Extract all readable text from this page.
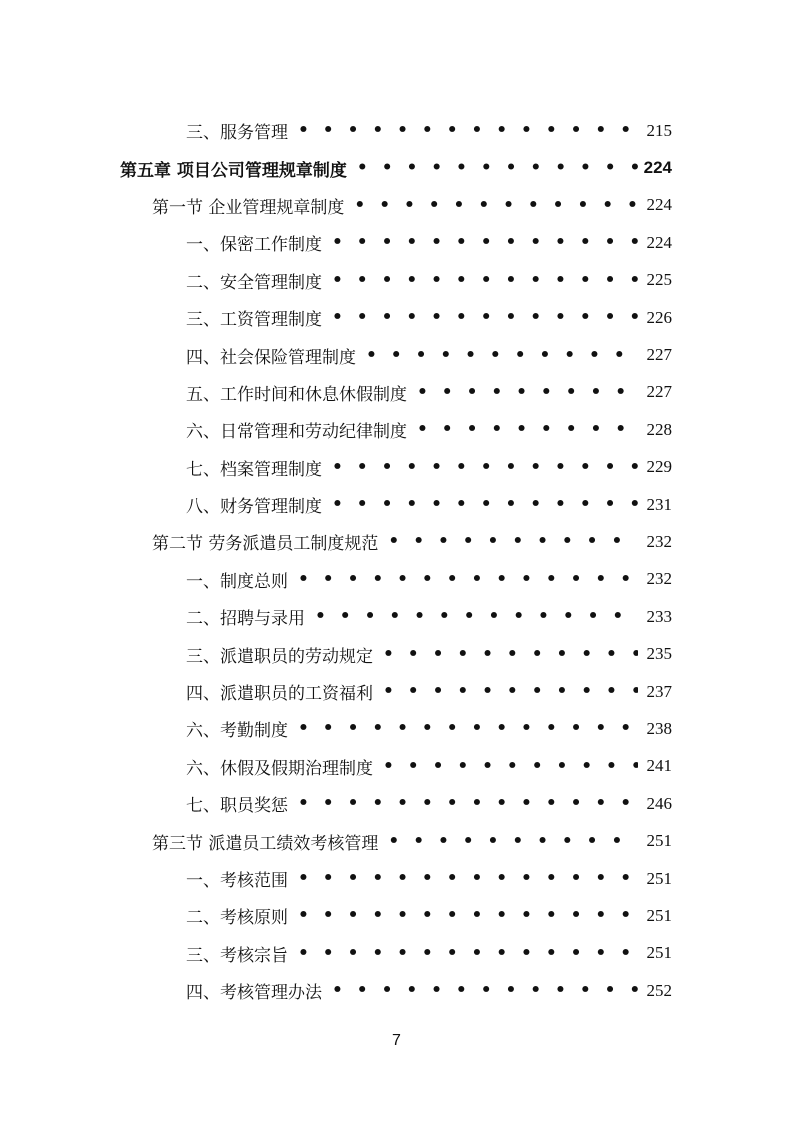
三、服务管理 • • •	215
第五章 项目公司管理规章制度 • • •	224
第一节 企业管理规章制度 • • •	224
一、保密工作制度 • • •	224
二、安全管理制度 • • •	225
三、工资管理制度 • • •	226
四、社会保险管理制度 • • •	227
五、工作时间和休息休假制度 • • •	227
六、日常管理和劳动纪律制度 • • •	228
七、档案管理制度 • • •	229
八、财务管理制度 • • •	231
第二节 劳务派遣员工制度规范 • • •	232
一、制度总则 • • •	232
二、招聘与录用 • • •	233
三、派遣职员的劳动规定 • • •	235
四、派遣职员的工资福利 • • •	237
六、考勤制度 • • •	238
六、休假及假期治理制度 • • •	241
七、职员奖惩 • • •	246
第三节 派遣员工绩效考核管理 • • •	251
一、考核范围 • • •	251
二、考核原则 • • •	251
三、考核宗旨 • • •	251
四、考核管理办法 • • •	252
7
